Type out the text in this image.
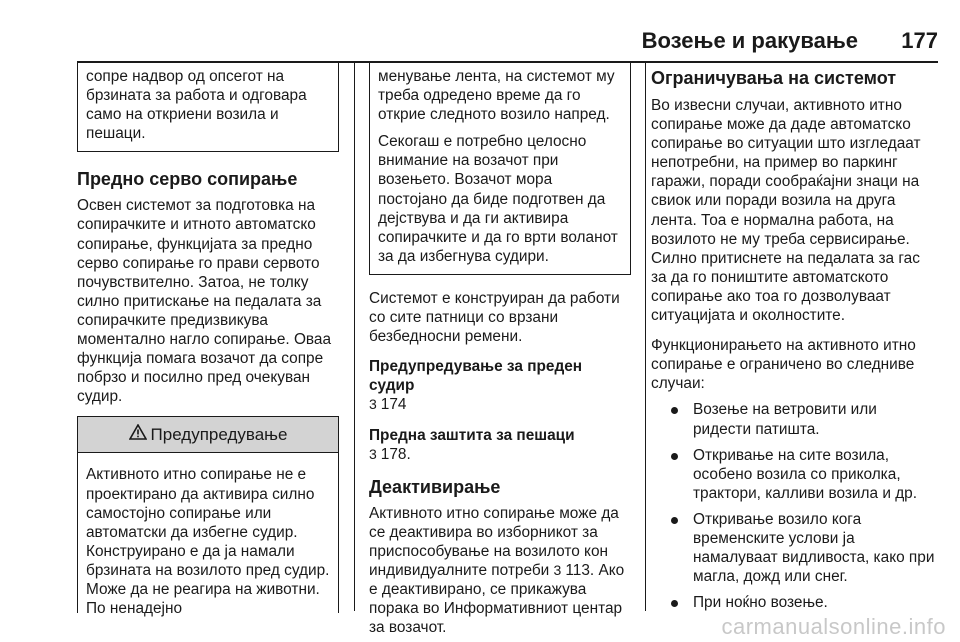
Возење и ракување 177

сопре надвор од опсегот на брзината за работа и одговара само на откриени возила и пешаци.

Предно серво сопирање

Освен системот за подготовка на сопирачките и итното автоматско сопирање, функцијата за предно серво сопирање го прави сервото почувствително. Затоа, не толку силно притискање на педалата за сопирачките предизвикува моментално нагло сопирање. Оваа функција помага возачот да сопре побрзо и посилно пред очекуван судир.

Предупредување

Активното итно сопирање не е проектирано да активира силно самостојно сопирање или автоматски да избегне судир. Конструирано е да ја намали брзината на возилото пред судир. Може да не реагира на животни. По ненадејно

менување лента, на системот му треба одредено време да го открие следното возило напред.

Секогаш е потребно целосно внимание на возачот при возењето. Возачот мора постојано да биде подготвен да дејствува и да ги активира сопирачките и да го врти воланот за да избегнува судири.

Системот е конструиран да работи со сите патници со врзани безбедносни ремени.

Предупредување за преден судир
3 174
Предна заштита за пешаци
3 178.
Деактивирање

Активното итно сопирање може да се деактивира во изборникот за приспособување на возилото кон индивидуалните потреби 3 113. Ако е деактивирано, се прикажува порака во Информативниот центар за возачот.

Ограничувања на системот

Во извесни случаи, активното итно сопирање може да даде автоматско сопирање во ситуации што изгледаат непотребни, на пример во паркинг гаражи, поради сообраќајни знаци на свиок или поради возила на друга лента. Тоа е нормална работа, на возилото не му треба сервисирање. Силно притиснете на педалата за гас за да го поништите автоматското сопирање ако тоа го дозволуваат ситуацијата и околностите.

Функционирањето на активното итно сопирање е ограничено во следниве случаи:

Возење на ветровити или ридести патишта.
Откривање на сите возила, особено возила со приколка, трактори, калливи возила и др.
Откривање возило кога временските услови ја намалуваат видливоста, како при магла, дожд или снег.
При ноќно возење.
carmanualsonline.info
